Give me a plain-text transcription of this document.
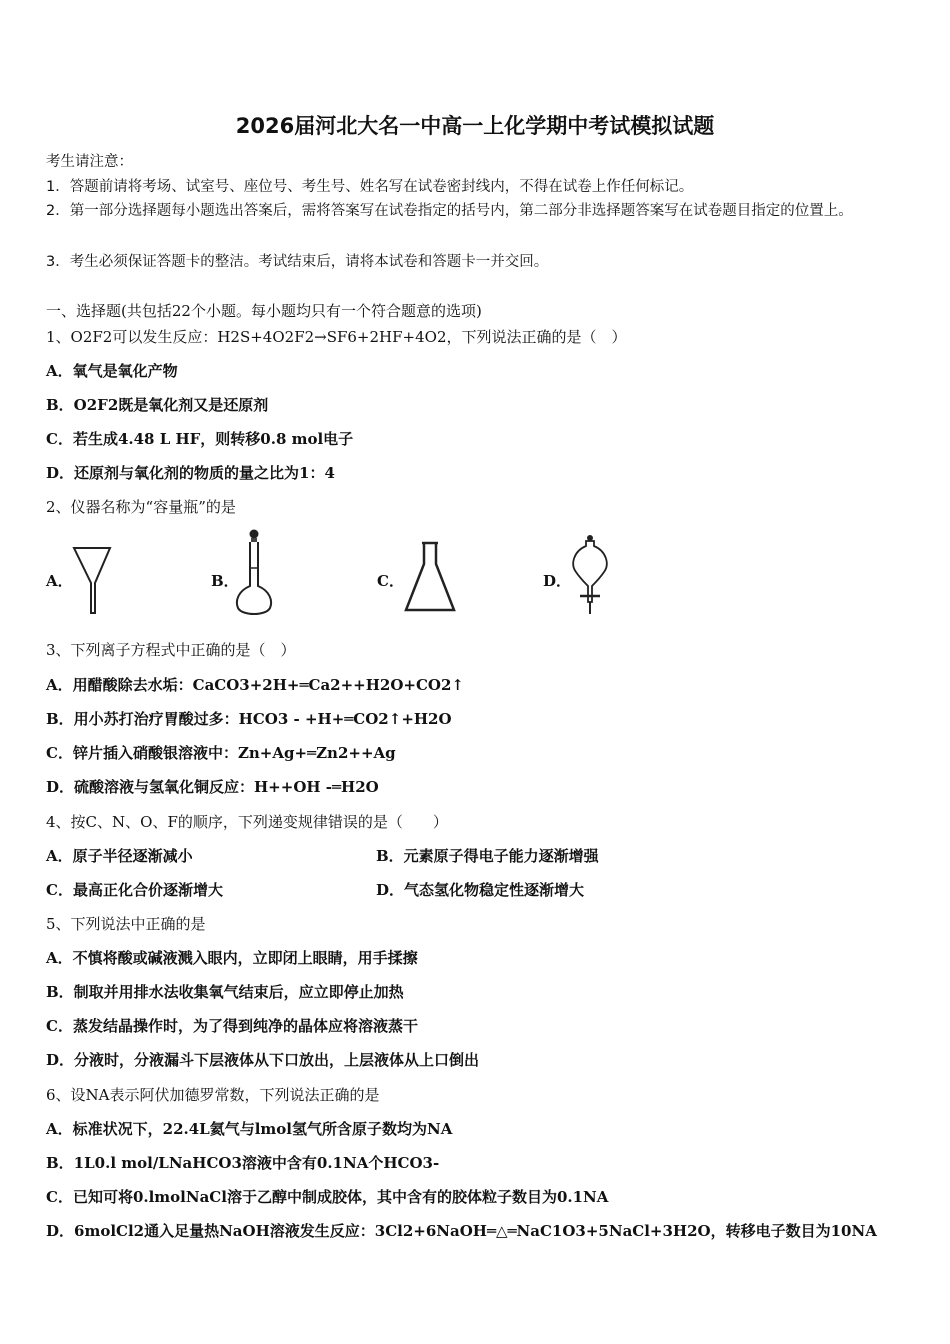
2026届河北大名一中高一上化学期中考试模拟试题
考生请注意：
1．答题前请将考场、试室号、座位号、考生号、姓名写在试卷密封线内，不得在试卷上作任何标记。
2．第一部分选择题每小题选出答案后，需将答案写在试卷指定的括号内，第二部分非选择题答案写在试卷题目指定的位置上。
3．考生必须保证答题卡的整洁。考试结束后，请将本试卷和答题卡一并交回。
一、选择题(共包括22个小题。每小题均只有一个符合题意的选项)
1、O2F2可以发生反应：H2S+4O2F2→SF6+2HF+4O2，下列说法正确的是（　）
A．氧气是氧化产物
B．O2F2既是氧化剂又是还原剂
C．若生成4.48 L HF，则转移0.8 mol电子
D．还原剂与氧化剂的物质的量之比为1：4
2、仪器名称为“容量瓶”的是
A．	B．	C．	D．
3、下列离子方程式中正确的是（　）
A．用醋酸除去水垢：CaCO3+2H+═Ca2++H2O+CO2↑
B．用小苏打治疗胃酸过多：HCO3 - +H+═CO2↑+H2O
C．锌片插入硝酸银溶液中：Zn+Ag+═Zn2++Ag
D．硫酸溶液与氢氧化铜反应：H++OH -═H2O
4、按C、N、O、F的顺序，下列递变规律错误的是（　　）
A．原子半径逐渐减小	B．元素原子得电子能力逐渐增强
C．最高正化合价逐渐增大	D．气态氢化物稳定性逐渐增大
5、下列说法中正确的是
A．不慎将酸或碱液溅入眼内，立即闭上眼睛，用手揉擦
B．制取并用排水法收集氧气结束后，应立即停止加热
C．蒸发结晶操作时，为了得到纯净的晶体应将溶液蒸干
D．分液时，分液漏斗下层液体从下口放出，上层液体从上口倒出
6、设NA表示阿伏加德罗常数，下列说法正确的是
A．标准状况下，22.4L氦气与lmol氢气所含原子数均为NA
B．1L0.l mol/LNaHCO3溶液中含有0.1NA个HCO3-
C．已知可将0.lmolNaCl溶于乙醇中制成胶体，其中含有的胶体粒子数目为0.1NA
D．6molCl2通入足量热NaOH溶液发生反应：3Cl2+6NaOH═△═NaC1O3+5NaCl+3H2O，转移电子数目为10NA
